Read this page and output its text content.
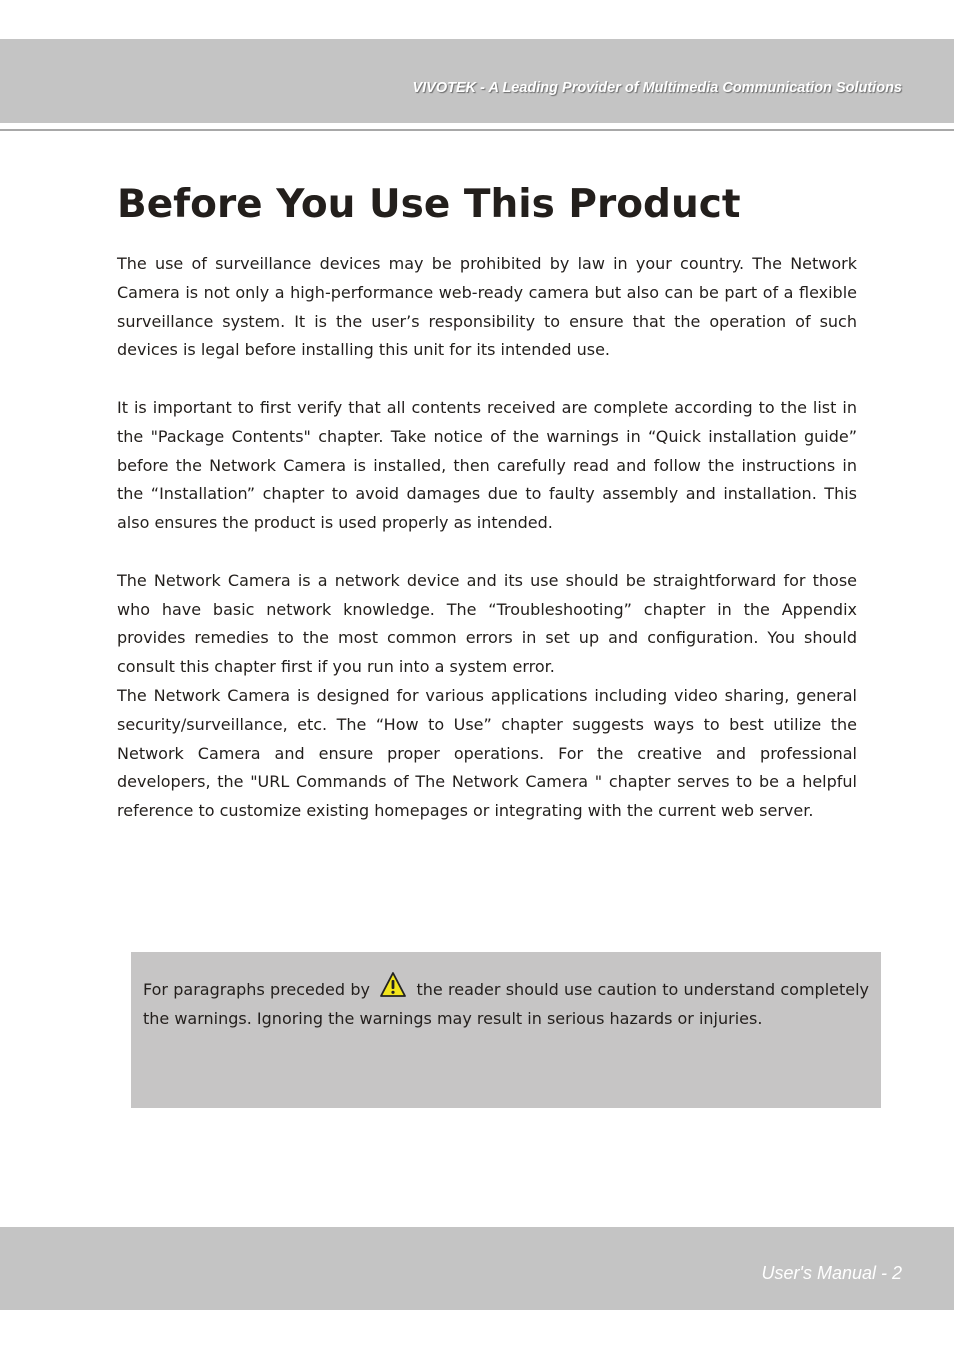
VIVOTEK - A Leading Provider of Multimedia Communication Solutions
Before You Use This Product

The use of surveillance devices may be prohibited by law in your country. The Network Camera is not only a high-performance web-ready camera but also can be part of a flexible surveillance system. It is the user’s responsibility to ensure that the operation of such devices is legal before installing this unit for its intended use.

It is important to first verify that all contents received are complete according to the list in the "Package Contents" chapter. Take notice of the warnings in “Quick installation guide” before the Network Camera is installed, then carefully read and follow the instructions in the “Installation” chapter to avoid damages due to faulty assembly and installation. This also ensures the product is used properly as intended.

The Network Camera is a network device and its use should be straightforward for those who have basic network knowledge. The “Troubleshooting” chapter in the Appendix provides remedies to the most common errors in set up and configuration. You should consult this chapter first if you run into a system error.

The Network Camera is designed for various applications including video sharing, general security/surveillance, etc. The “How to Use” chapter suggests ways to best utilize the Network Camera and ensure proper operations. For the creative and professional developers, the "URL Commands of The Network Camera " chapter serves to be a helpful reference to customize existing homepages or integrating with the current web server.

For paragraphs preceded by	the reader should use caution to understand completely the warnings. Ignoring the warnings may result in serious hazards or injuries.

User's Manual - 2
